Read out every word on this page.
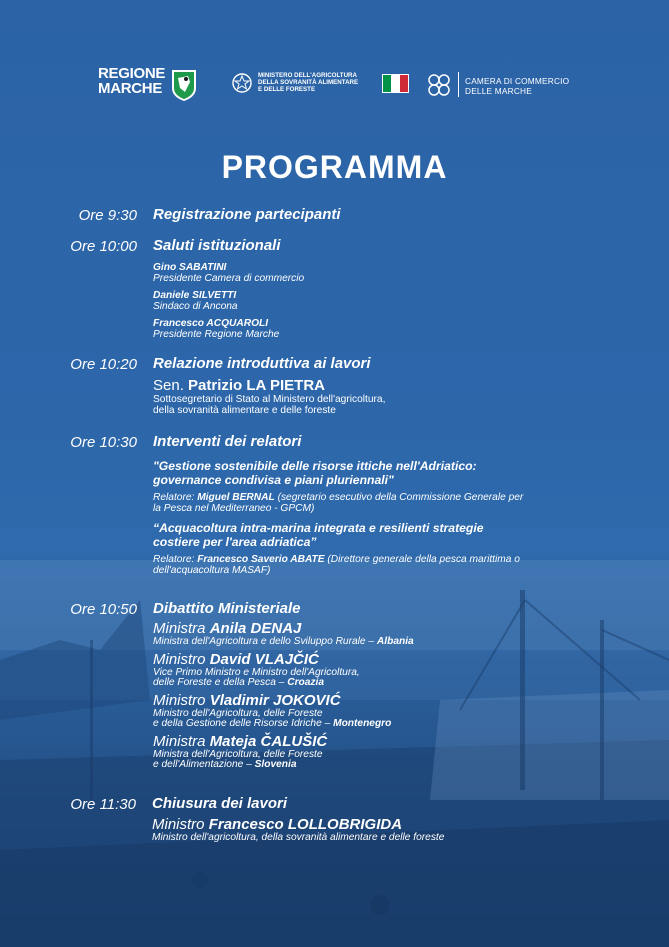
REGIONE
MARCHE
MINISTERO DELL'AGRICOLTURA
DELLA SOVRANITÀ ALIMENTARE
E DELLE FORESTE
CAMERA DI COMMERCIO
DELLE MARCHE
PROGRAMMA
Ore 9:30 Registrazione partecipanti
Ore 10:00 Saluti istituzionali
Gino SABATINI
Presidente Camera di commercio
Daniele SILVETTI
Sindaco di Ancona
Francesco ACQUAROLI
Presidente Regione Marche
Ore 10:20 Relazione introduttiva ai lavori
Sen. Patrizio LA PIETRA
Sottosegretario di Stato al Ministero dell'agricoltura,
della sovranità alimentare e delle foreste
Ore 10:30 Interventi dei relatori
"Gestione sostenibile delle risorse ittiche nell'Adriatico:
governance condivisa e piani pluriennali"
Relatore: Miguel BERNAL (segretario esecutivo della Commissione Generale per
la Pesca nel Mediterraneo - GPCM)
“Acquacoltura intra-marina integrata e resilienti strategie
costiere per l'area adriatica”
Relatore: Francesco Saverio ABATE (Direttore generale della pesca marittima o
dell'acquacoltura MASAF)
Ore 10:50 Dibattito Ministeriale
Ministra Anila DENAJ
Ministra dell'Agricoltura e dello Sviluppo Rurale – Albania
Ministro David VLAJČIĆ
Vice Primo Ministro e Ministro dell'Agricoltura,
delle Foreste e della Pesca – Croazia
Ministro Vladimir JOKOVIĆ
Ministro dell'Agricoltura, delle Foreste
e della Gestione delle Risorse Idriche – Montenegro
Ministra Mateja ČALUŠIĆ
Ministra dell'Agricoltura, delle Foreste
e dell'Alimentazione – Slovenia
Ore 11:30 Chiusura dei lavori
Ministro Francesco LOLLOBRIGIDA
Ministro dell'agricoltura, della sovranità alimentare e delle foreste
